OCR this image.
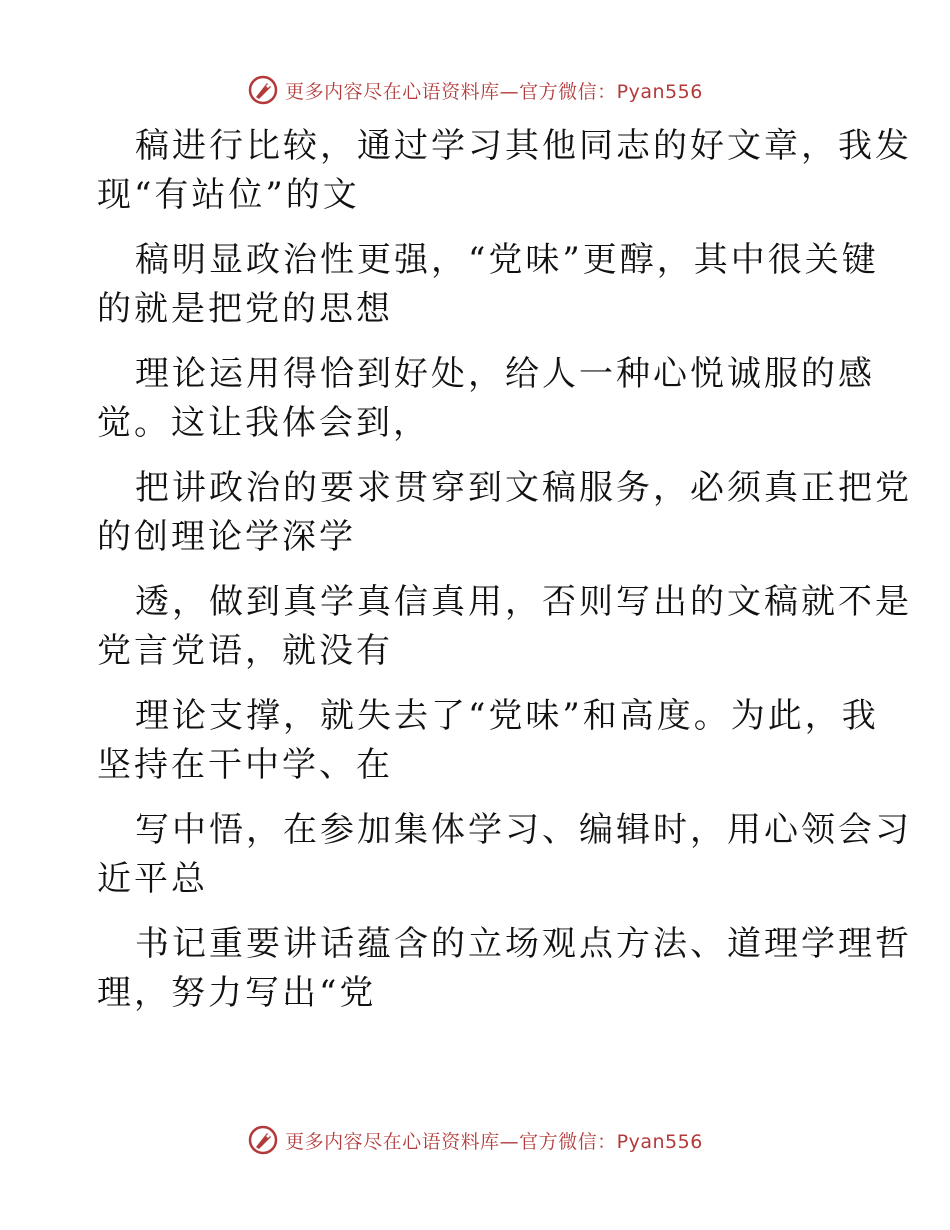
更多内容尽在心语资料库—官方微信：Pyan556

稿进行比较，通过学习其他同志的好文章，我发
现“有站位”的文

稿明显政治性更强，“党味”更醇，其中很关键
的就是把党的思想

理论运用得恰到好处，给人一种心悦诚服的感
觉。这让我体会到，

把讲政治的要求贯穿到文稿服务，必须真正把党
的创理论学深学

透，做到真学真信真用，否则写出的文稿就不是
党言党语，就没有

理论支撑，就失去了“党味”和高度。为此，我
坚持在干中学、在

写中悟，在参加集体学习、编辑时，用心领会习
近平总

书记重要讲话蕴含的立场观点方法、道理学理哲
理，努力写出“党

更多内容尽在心语资料库—官方微信：Pyan556
